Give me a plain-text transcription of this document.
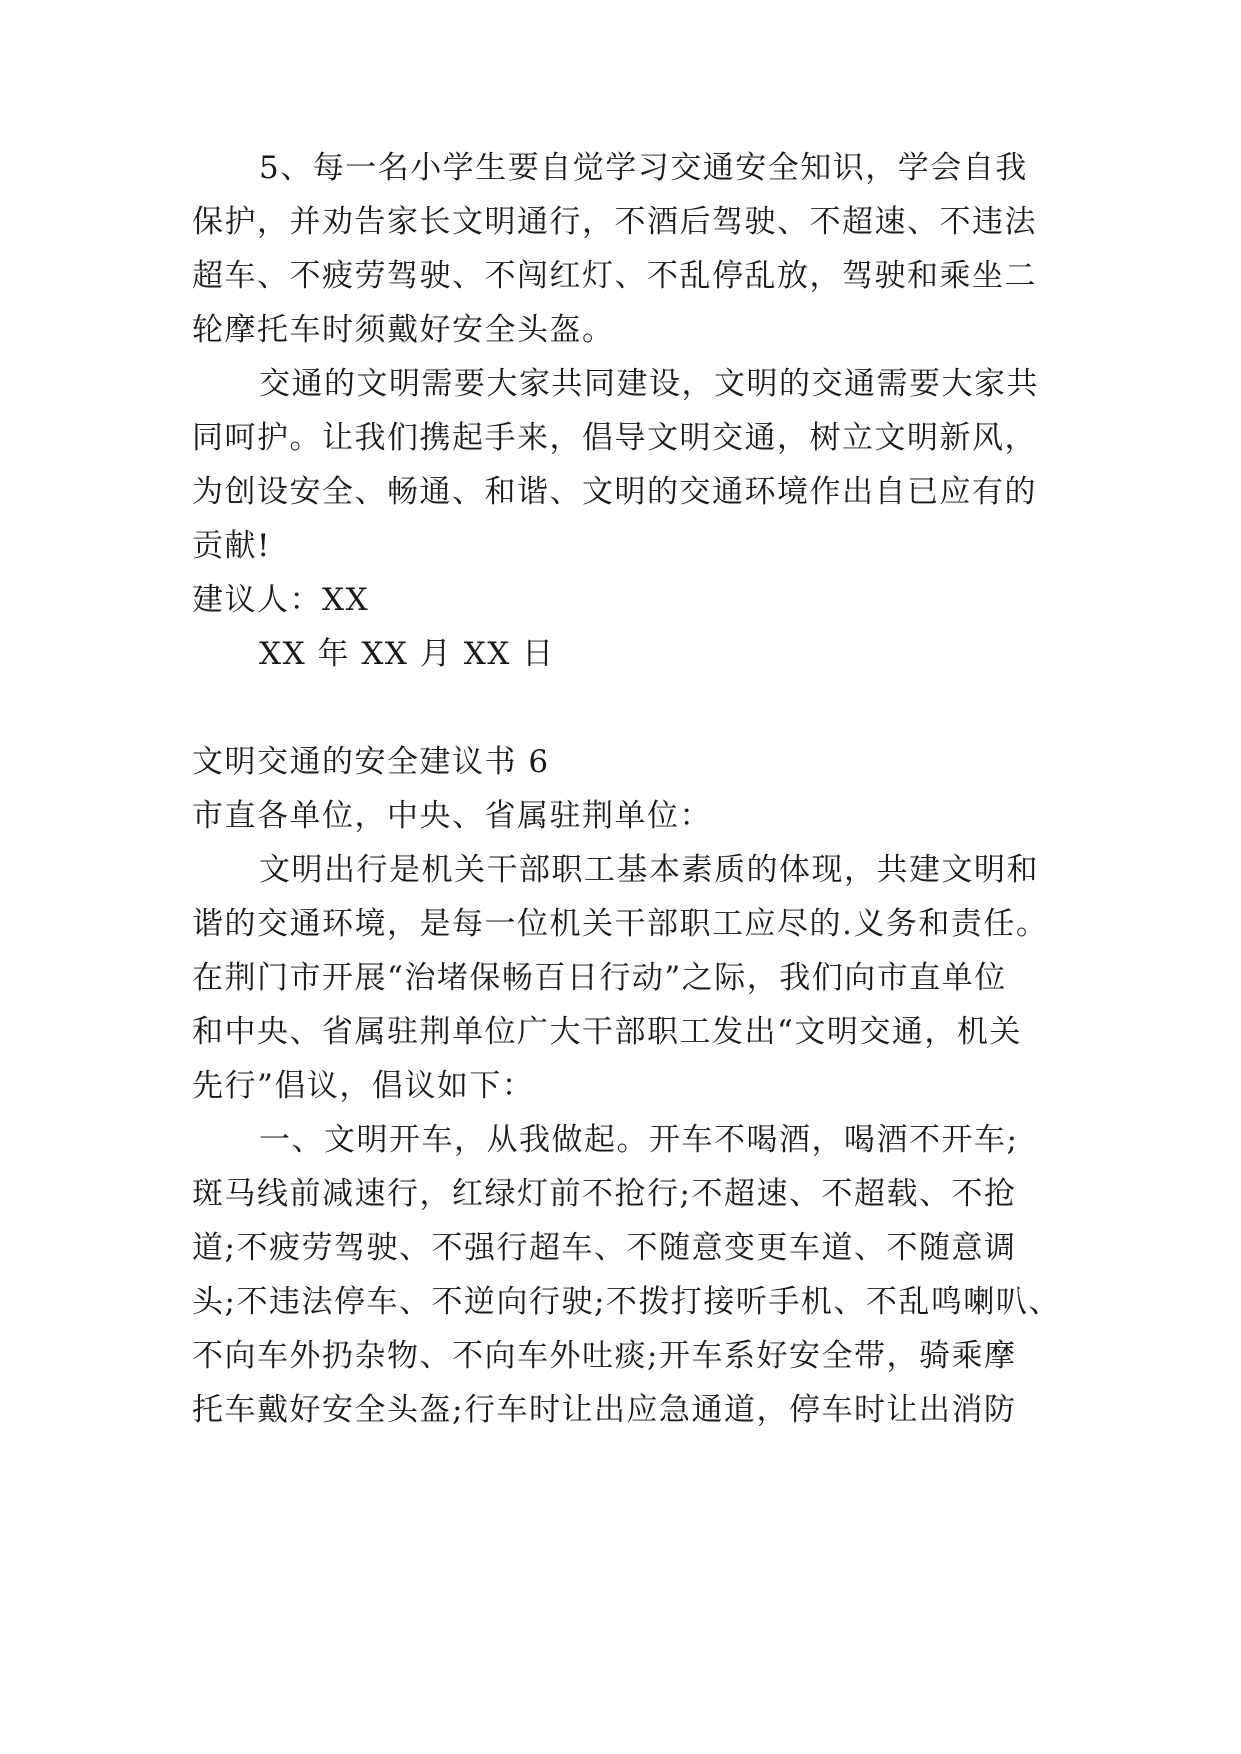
5、每一名小学生要自觉学习交通安全知识，学会自我
保护，并劝告家长文明通行，不酒后驾驶、不超速、不违法
超车、不疲劳驾驶、不闯红灯、不乱停乱放，驾驶和乘坐二
轮摩托车时须戴好安全头盔。
交通的文明需要大家共同建设，文明的交通需要大家共
同呵护。让我们携起手来，倡导文明交通，树立文明新风，
为创设安全、畅通、和谐、文明的交通环境作出自已应有的
贡献!
建议人：XX
XX 年 XX 月 XX 日
文明交通的安全建议书 6
市直各单位，中央、省属驻荆单位：
文明出行是机关干部职工基本素质的体现，共建文明和
谐的交通环境，是每一位机关干部职工应尽的.义务和责任。
在荆门市开展“治堵保畅百日行动”之际，我们向市直单位
和中央、省属驻荆单位广大干部职工发出“文明交通，机关
先行”倡议，倡议如下：
一、文明开车，从我做起。开车不喝酒，喝酒不开车;
斑马线前减速行，红绿灯前不抢行;不超速、不超载、不抢
道;不疲劳驾驶、不强行超车、不随意变更车道、不随意调
头;不违法停车、不逆向行驶;不拨打接听手机、不乱鸣喇叭、
不向车外扔杂物、不向车外吐痰;开车系好安全带，骑乘摩
托车戴好安全头盔;行车时让出应急通道，停车时让出消防
